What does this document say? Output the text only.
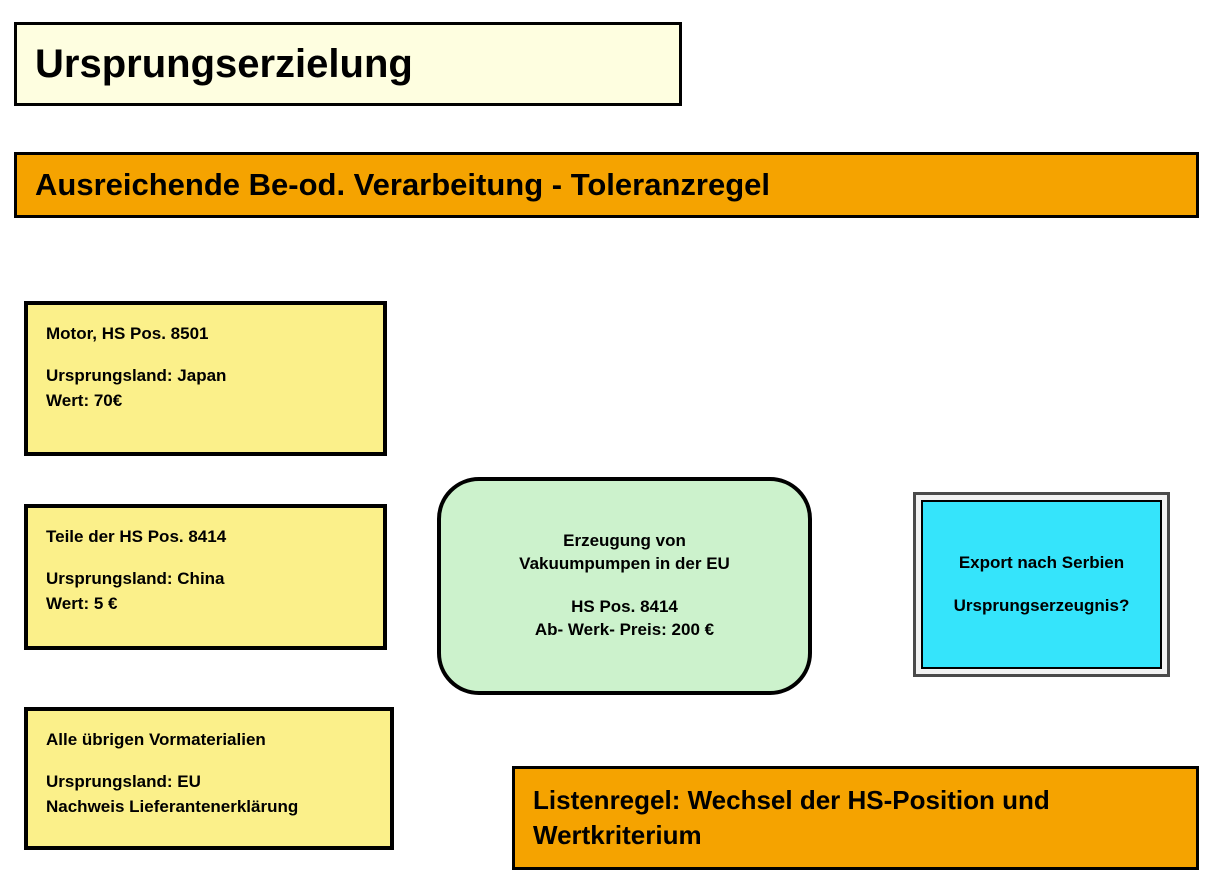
Ursprungserzielung
Ausreichende Be-od. Verarbeitung - Toleranzregel
Motor, HS Pos. 8501
Ursprungsland: Japan
Wert: 70€
Teile der HS Pos. 8414
Ursprungsland: China
Wert: 5 €
Alle übrigen Vormaterialien
Ursprungsland: EU
Nachweis Lieferantenerklärung
Erzeugung von
Vakuumpumpen in der EU
HS Pos. 8414
Ab- Werk- Preis: 200 €
Export nach Serbien
Ursprungserzeugnis?
Listenregel: Wechsel der HS-Position und
Wertkriterium
